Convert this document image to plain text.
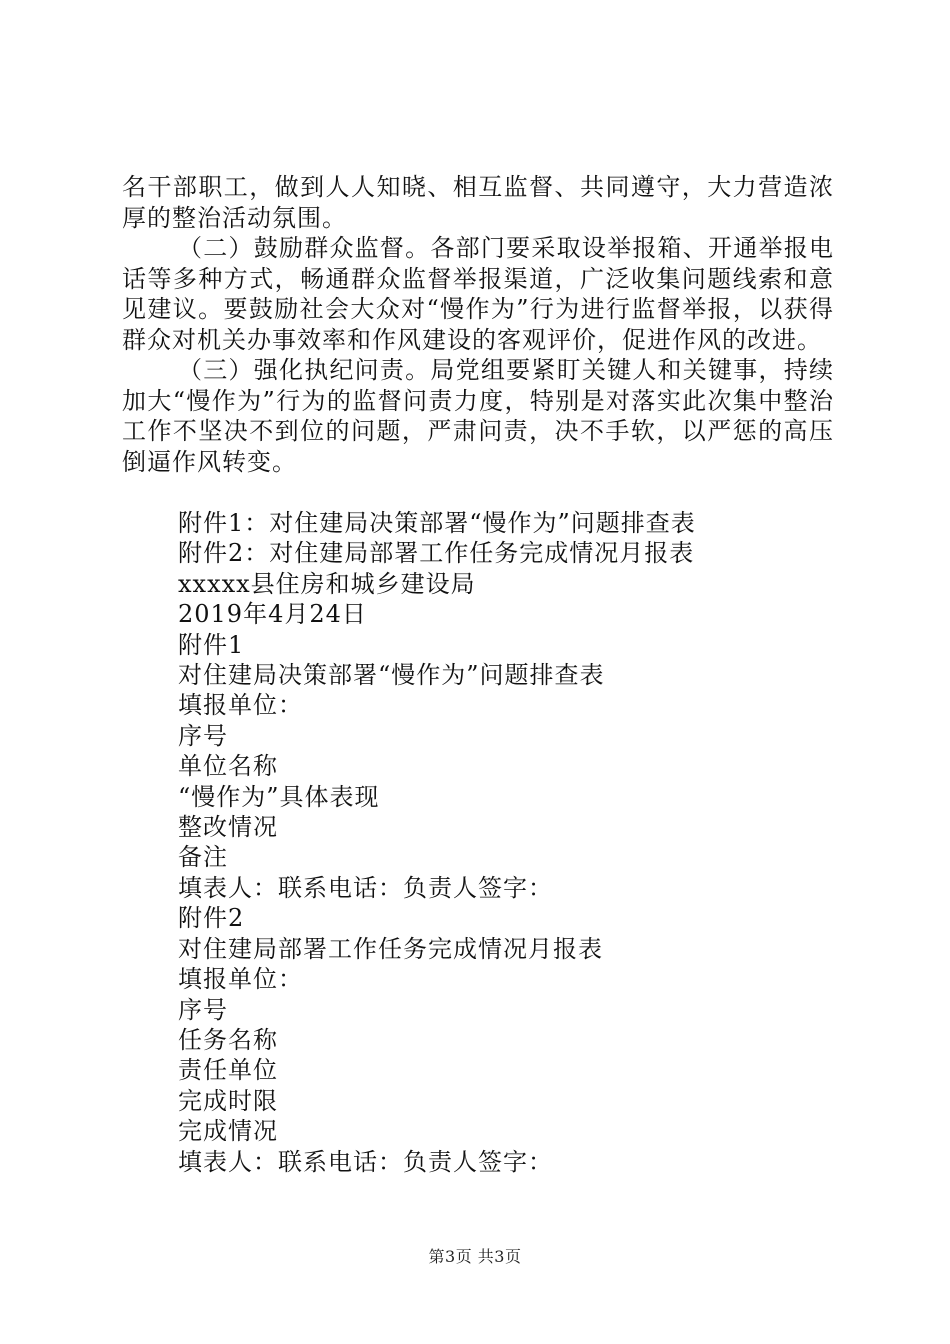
名干部职工，做到人人知晓、相互监督、共同遵守，大力营造浓厚的整治活动氛围。

（二）鼓励群众监督。各部门要采取设举报箱、开通举报电话等多种方式，畅通群众监督举报渠道，广泛收集问题线索和意见建议。要鼓励社会大众对“慢作为”行为进行监督举报，以获得群众对机关办事效率和作风建设的客观评价，促进作风的改进。

（三）强化执纪问责。局党组要紧盯关键人和关键事，持续加大“慢作为”行为的监督问责力度，特别是对落实此次集中整治工作不坚决不到位的问题，严肃问责，决不手软，以严惩的高压倒逼作风转变。

附件1：对住建局决策部署“慢作为”问题排查表
附件2：对住建局部署工作任务完成情况月报表
xxxxx县住房和城乡建设局
2019年4月24日
附件1
对住建局决策部署“慢作为”问题排查表
填报单位：
序号
单位名称
“慢作为”具体表现
整改情况
备注
填表人：联系电话：负责人签字：
附件2
对住建局部署工作任务完成情况月报表
填报单位：
序号
任务名称
责任单位
完成时限
完成情况
填表人：联系电话：负责人签字：
第3页 共3页
